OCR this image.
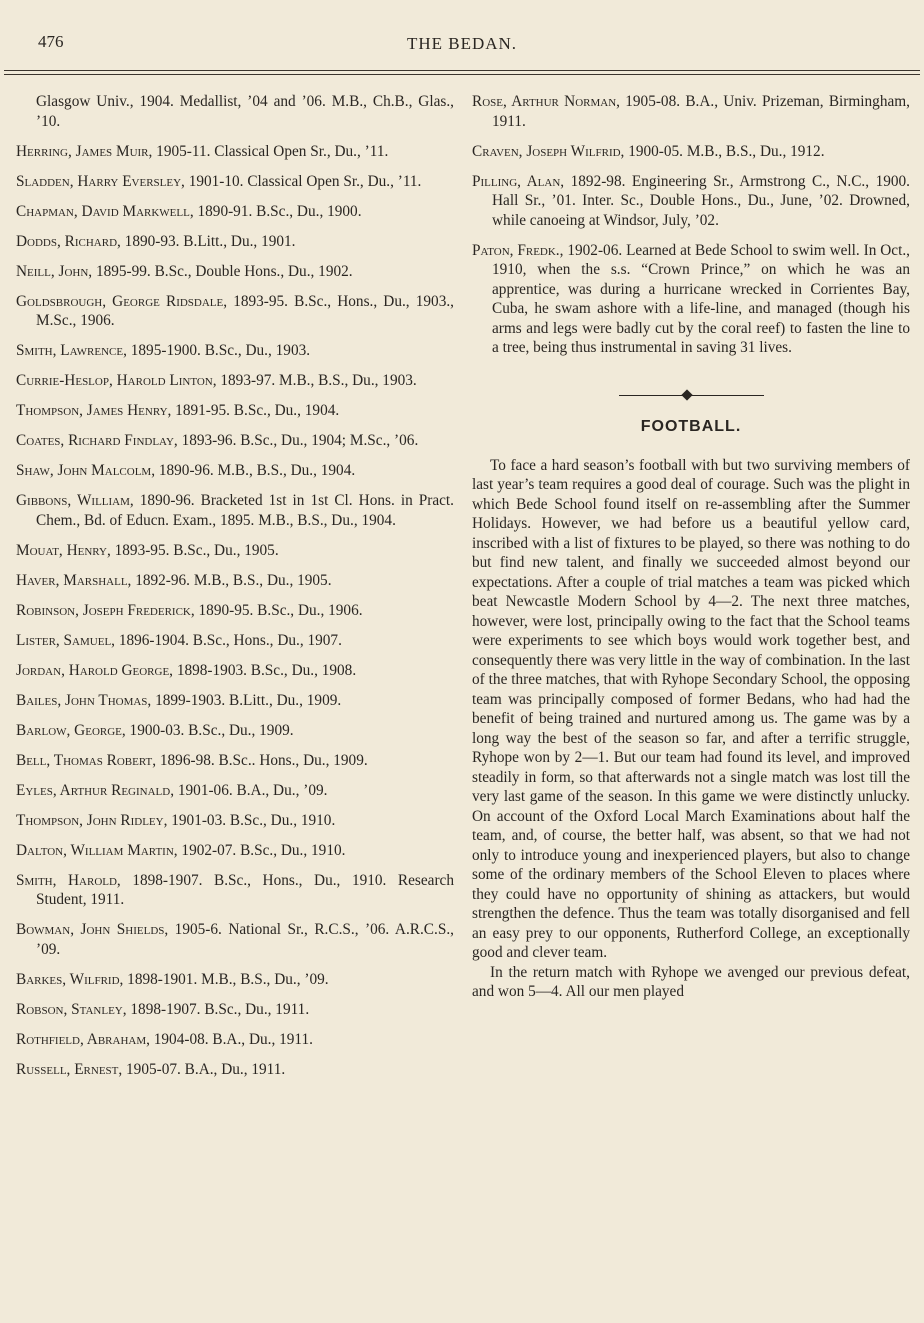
476	THE BEDAN.
Glasgow Univ., 1904. Medallist, ’04 and ’06. M.B., Ch.B., Glas., ’10.
Herring, James Muir, 1905-11. Classical Open Sr., Du., ’11.
Sladden, Harry Eversley, 1901-10. Classical Open Sr., Du., ’11.
Chapman, David Markwell, 1890-91. B.Sc., Du., 1900.
Dodds, Richard, 1890-93. B.Litt., Du., 1901.
Neill, John, 1895-99. B.Sc., Double Hons., Du., 1902.
Goldsbrough, George Ridsdale, 1893-95. B.Sc., Hons., Du., 1903., M.Sc., 1906.
Smith, Lawrence, 1895-1900. B.Sc., Du., 1903.
Currie-Heslop, Harold Linton, 1893-97. M.B., B.S., Du., 1903.
Thompson, James Henry, 1891-95. B.Sc., Du., 1904.
Coates, Richard Findlay, 1893-96. B.Sc., Du., 1904; M.Sc., ’06.
Shaw, John Malcolm, 1890-96. M.B., B.S., Du., 1904.
Gibbons, William, 1890-96. Bracketed 1st in 1st Cl. Hons. in Pract. Chem., Bd. of Educn. Exam., 1895. M.B., B.S., Du., 1904.
Mouat, Henry, 1893-95. B.Sc., Du., 1905.
Haver, Marshall, 1892-96. M.B., B.S., Du., 1905.
Robinson, Joseph Frederick, 1890-95. B.Sc., Du., 1906.
Lister, Samuel, 1896-1904. B.Sc., Hons., Du., 1907.
Jordan, Harold George, 1898-1903. B.Sc., Du., 1908.
Bailes, John Thomas, 1899-1903. B.Litt., Du., 1909.
Barlow, George, 1900-03. B.Sc., Du., 1909.
Bell, Thomas Robert, 1896-98. B.Sc.. Hons., Du., 1909.
Eyles, Arthur Reginald, 1901-06. B.A., Du., ’09.
Thompson, John Ridley, 1901-03. B.Sc., Du., 1910.
Dalton, William Martin, 1902-07. B.Sc., Du., 1910.
Smith, Harold, 1898-1907. B.Sc., Hons., Du., 1910. Research Student, 1911.
Bowman, John Shields, 1905-6. National Sr., R.C.S., ’06. A.R.C.S., ’09.
Barkes, Wilfrid, 1898-1901. M.B., B.S., Du., ’09.
Robson, Stanley, 1898-1907. B.Sc., Du., 1911.
Rothfield, Abraham, 1904-08. B.A., Du., 1911.
Russell, Ernest, 1905-07. B.A., Du., 1911.
Rose, Arthur Norman, 1905-08. B.A., Univ. Prizeman, Birmingham, 1911.
Craven, Joseph Wilfrid, 1900-05. M.B., B.S., Du., 1912.
Pilling, Alan, 1892-98. Engineering Sr., Armstrong C., N.C., 1900. Hall Sr., ’01. Inter. Sc., Double Hons., Du., June, ’02. Drowned, while canoeing at Windsor, July, ’02.
Paton, Fredk., 1902-06. Learned at Bede School to swim well. In Oct., 1910, when the s.s. “Crown Prince,” on which he was an apprentice, was during a hurricane wrecked in Corrientes Bay, Cuba, he swam ashore with a life-line, and managed (though his arms and legs were badly cut by the coral reef) to fasten the line to a tree, being thus instrumental in saving 31 lives.
FOOTBALL.

To face a hard season’s football with but two surviving members of last year’s team requires a good deal of courage. Such was the plight in which Bede School found itself on re-assembling after the Summer Holidays. However, we had before us a beautiful yellow card, inscribed with a list of fixtures to be played, so there was nothing to do but find new talent, and finally we succeeded almost beyond our expectations. After a couple of trial matches a team was picked which beat Newcastle Modern School by 4—2. The next three matches, however, were lost, principally owing to the fact that the School teams were experiments to see which boys would work together best, and consequently there was very little in the way of combination. In the last of the three matches, that with Ryhope Secondary School, the opposing team was principally composed of former Bedans, who had had the benefit of being trained and nurtured among us. The game was by a long way the best of the season so far, and after a terrific struggle, Ryhope won by 2—1. But our team had found its level, and improved steadily in form, so that afterwards not a single match was lost till the very last game of the season. In this game we were distinctly unlucky. On account of the Oxford Local March Examinations about half the team, and, of course, the better half, was absent, so that we had not only to introduce young and inexperienced players, but also to change some of the ordinary members of the School Eleven to places where they could have no opportunity of shining as attackers, but would strengthen the defence. Thus the team was totally disorganised and fell an easy prey to our opponents, Rutherford College, an exceptionally good and clever team.

In the return match with Ryhope we avenged our previous defeat, and won 5—4. All our men played
